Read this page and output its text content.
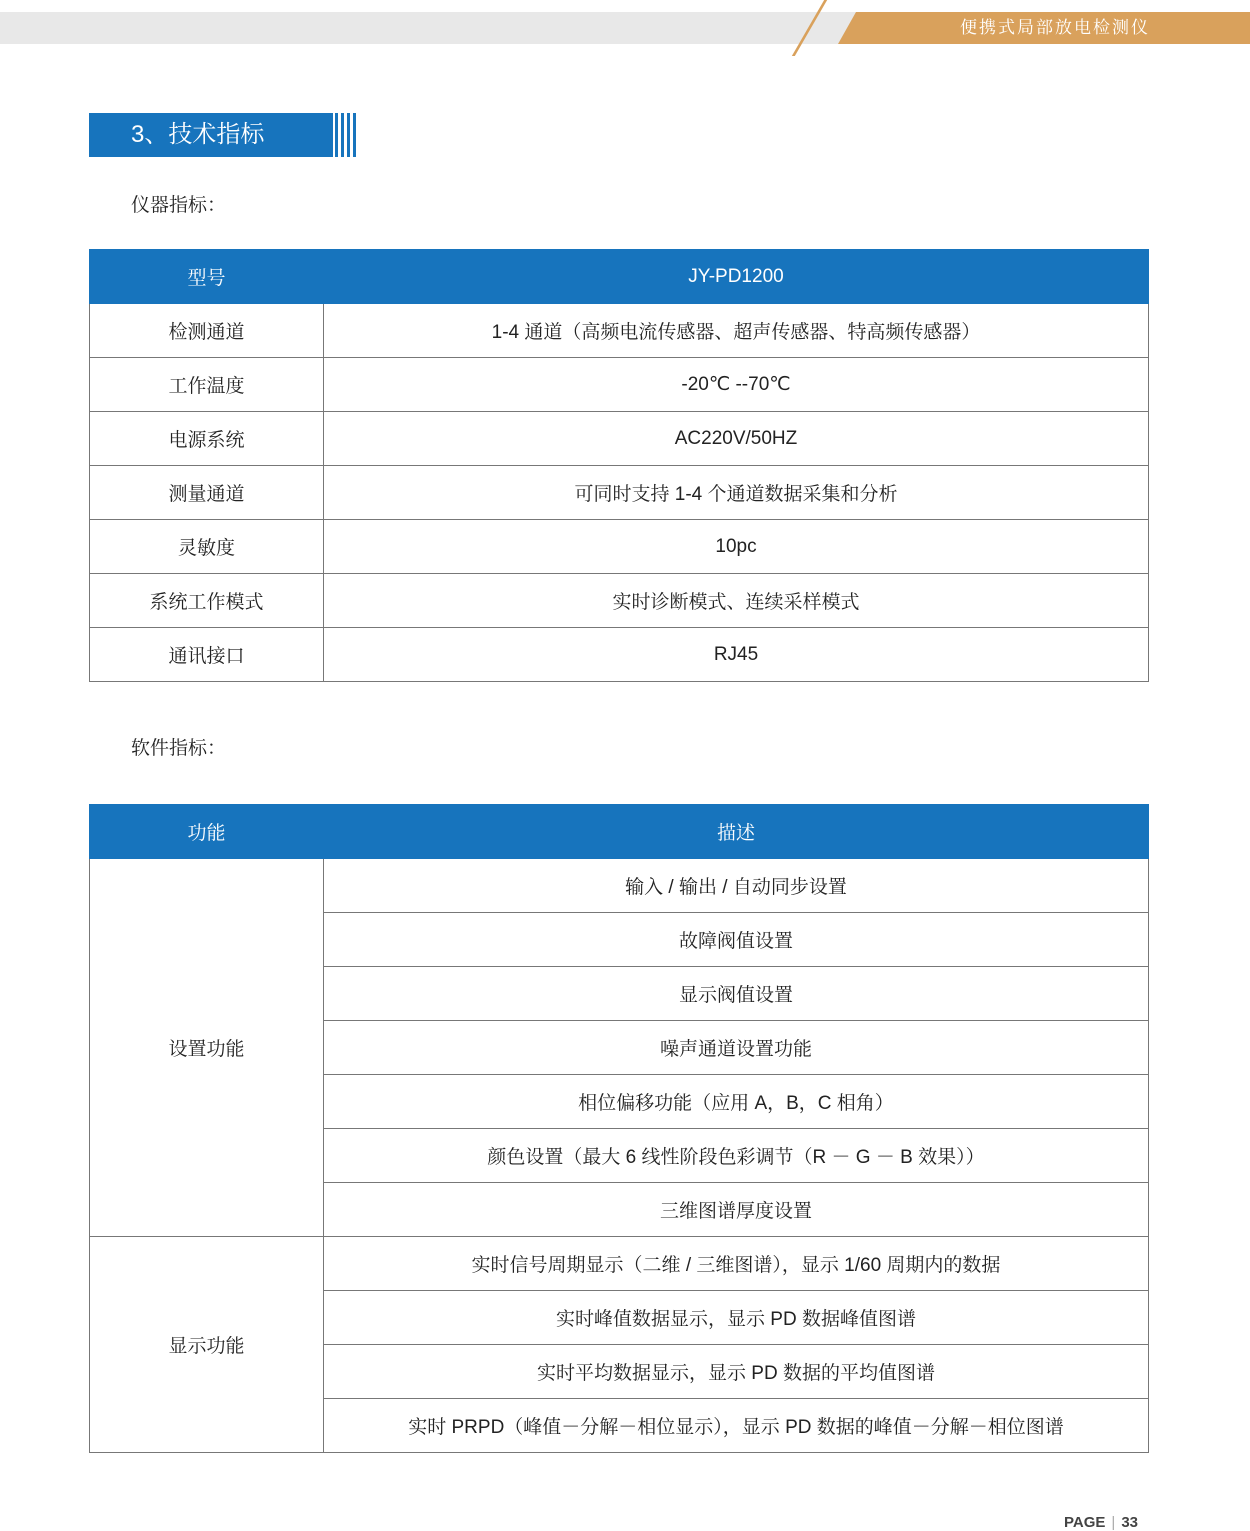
便携式局部放电检测仪
3、技术指标
仪器指标：
型号	JY-PD1200
检测通道	1-4 通道（高频电流传感器、超声传感器、特高频传感器）
工作温度	-20℃ --70℃
电源系统	AC220V/50HZ
测量通道	可同时支持 1-4 个通道数据采集和分析
灵敏度	10pc
系统工作模式	实时诊断模式、连续采样模式
通讯接口	RJ45
软件指标：
功能	描述
设置功能	输入 / 输出 / 自动同步设置
	故障阀值设置
	显示阀值设置
	噪声通道设置功能
	相位偏移功能（应用 A，B，C 相角）
	颜色设置（最大 6 线性阶段色彩调节（R － G － B 效果））
	三维图谱厚度设置
显示功能	实时信号周期显示（二维 / 三维图谱），显示 1/60 周期内的数据
	实时峰值数据显示，显示 PD 数据峰值图谱
	实时平均数据显示，显示 PD 数据的平均值图谱
	实时 PRPD（峰值－分解－相位显示），显示 PD 数据的峰值－分解－相位图谱
PAGE | 33
